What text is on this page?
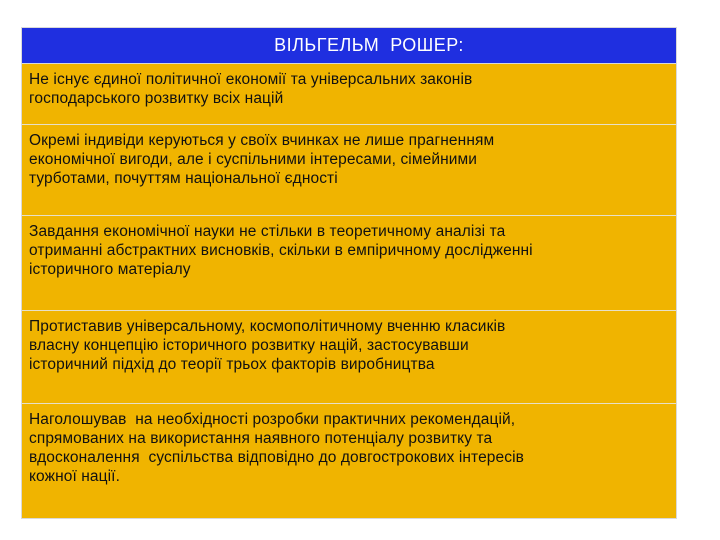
ВІЛЬГЕЛЬМ  РОШЕР:
Не існує єдиної політичної економії та універсальних законів
господарського розвитку всіх націй
Окремі індивіди керуються у своїх вчинках не лише прагненням
економічної вигоди, але і суспільними інтересами, сімейними
турботами, почуттям національної єдності
Завдання економічної науки не стільки в теоретичному аналізі та
отриманні абстрактних висновків, скільки в емпіричному дослідженні
історичного матеріалу
Протиставив універсальному, космополітичному вченню класиків
власну концепцію історичного розвитку націй, застосувавши
історичний підхід до теорії трьох факторів виробництва
Наголошував  на необхідності розробки практичних рекомендацій,
спрямованих на використання наявного потенціалу розвитку та
вдосконалення  суспільства відповідно до довгострокових інтересів
кожної нації.
